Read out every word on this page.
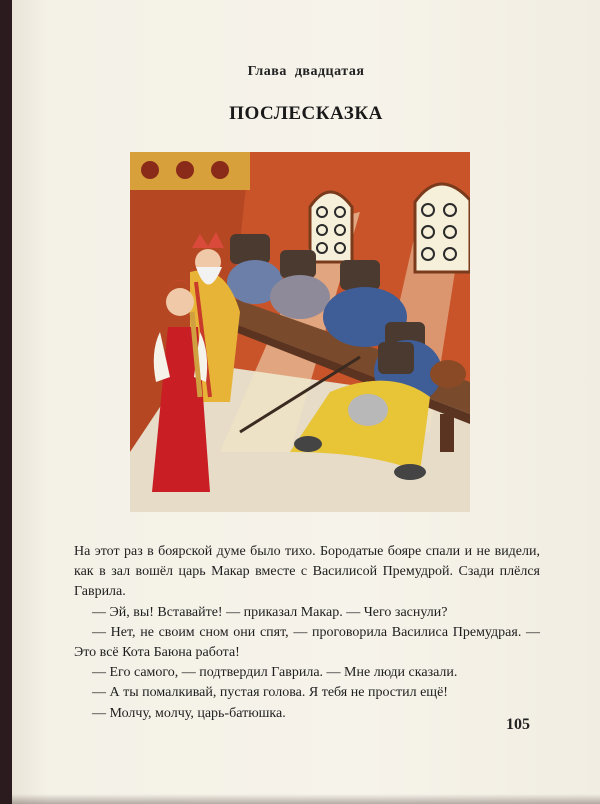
Глава двадцатая
ПОСЛЕСКАЗКА

На этот раз в боярской думе было тихо. Бородатые бояре спали и не видели, как в зал вошёл царь Макар вместе с Василисой Премудрой. Сзади плёлся Гаврила.

— Эй, вы! Вставайте! — приказал Макар. — Чего заснули?

— Нет, не своим сном они спят, — проговорила Василиса Премудрая. — Это всё Кота Баюна работа!

— Его самого, — подтвердил Гаврила. — Мне люди сказали.

— А ты помалкивай, пустая голова. Я тебя не простил ещё!

— Молчу, молчу, царь-батюшка.

105
